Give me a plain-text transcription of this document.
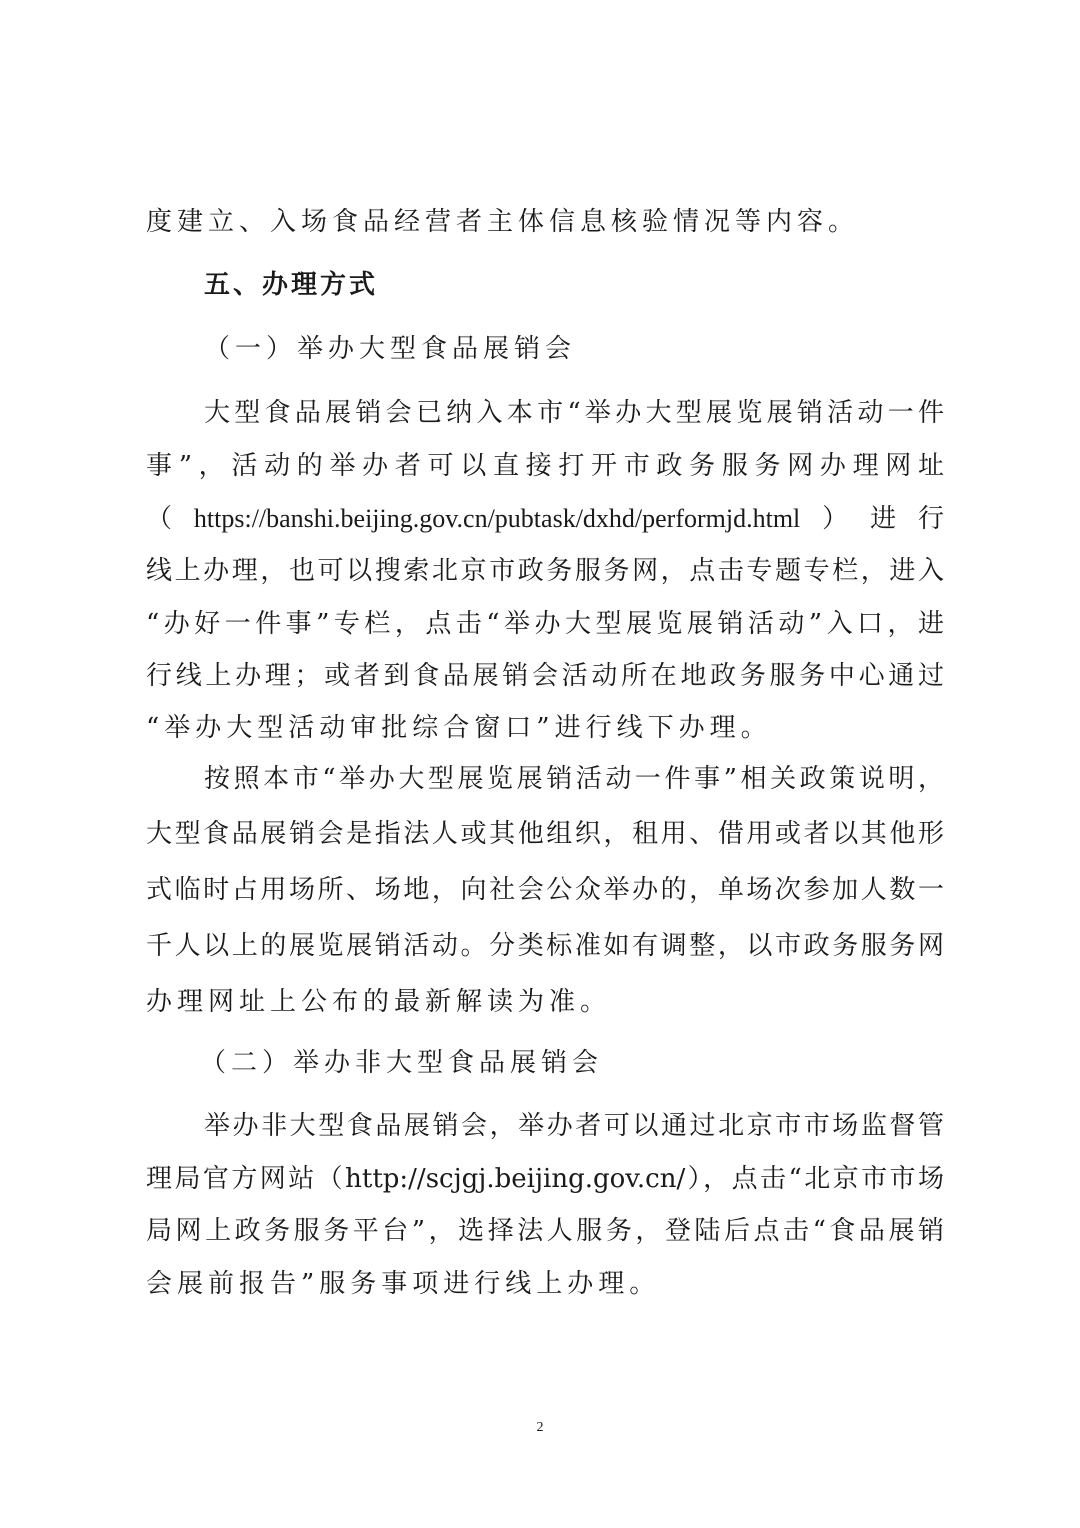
度建立、入场食品经营者主体信息核验情况等内容。
五、办理方式
（一）举办大型食品展销会
大型食品展销会已纳入本市“举办大型展览展销活动一件
事”，活动的举办者可以直接打开市政务服务网办理网址
（https://banshi.beijing.gov.cn/pubtask/dxhd/performjd.html）进行
线上办理，也可以搜索北京市政务服务网，点击专题专栏，进入
“办好一件事”专栏，点击“举办大型展览展销活动”入口，进
行线上办理；或者到食品展销会活动所在地政务服务中心通过
“举办大型活动审批综合窗口”进行线下办理。
按照本市“举办大型展览展销活动一件事”相关政策说明，
大型食品展销会是指法人或其他组织，租用、借用或者以其他形
式临时占用场所、场地，向社会公众举办的，单场次参加人数一
千人以上的展览展销活动。分类标准如有调整，以市政务服务网
办理网址上公布的最新解读为准。
（二）举办非大型食品展销会
举办非大型食品展销会，举办者可以通过北京市市场监督管
理局官方网站（http://scjgj.beijing.gov.cn/），点击“北京市市场
局网上政务服务平台”，选择法人服务，登陆后点击“食品展销
会展前报告”服务事项进行线上办理。
2
